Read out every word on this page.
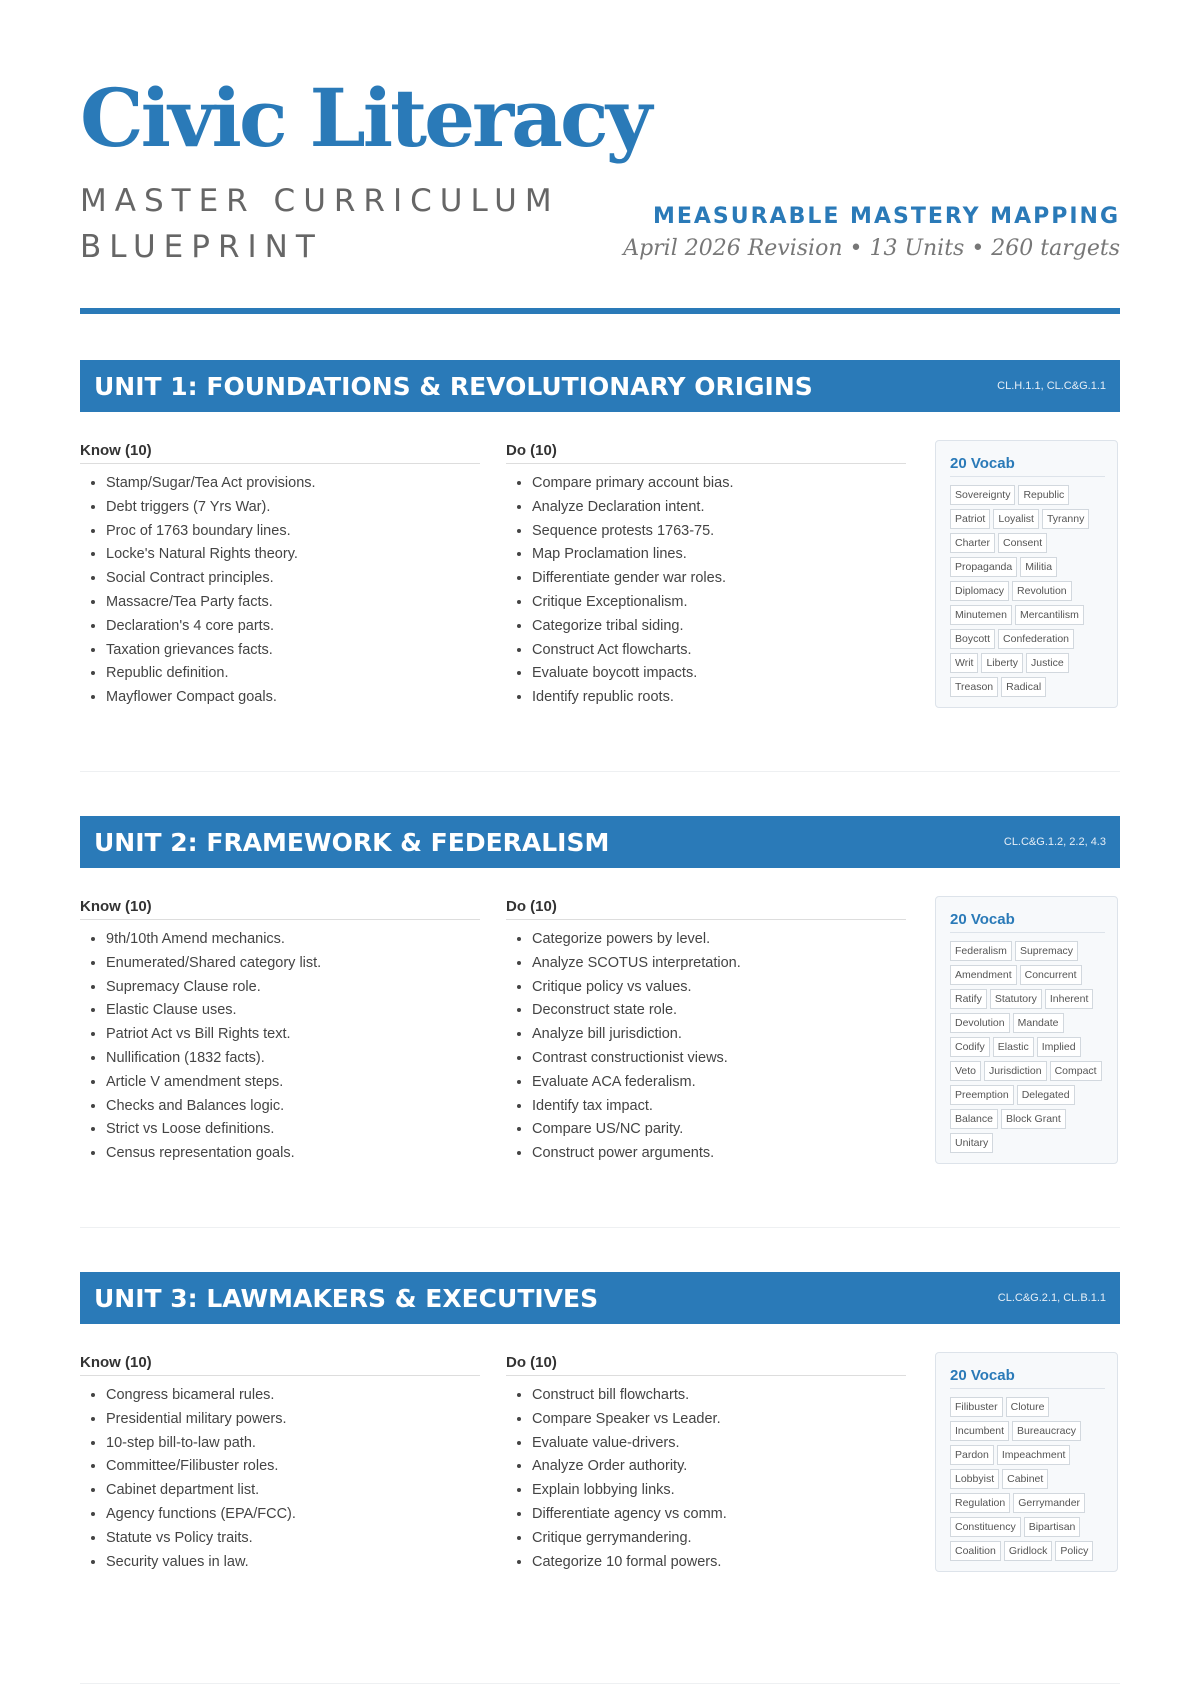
Civic Literacy
MASTER CURRICULUM BLUEPRINT
MEASURABLE MASTERY MAPPING
April 2026 Revision • 13 Units • 260 targets
UNIT 1: FOUNDATIONS & REVOLUTIONARY ORIGINS	CL.H.1.1, CL.C&G.1.1
Know (10)
• Stamp/Sugar/Tea Act provisions.
• Debt triggers (7 Yrs War).
• Proc of 1763 boundary lines.
• Locke's Natural Rights theory.
• Social Contract principles.
• Massacre/Tea Party facts.
• Declaration's 4 core parts.
• Taxation grievances facts.
• Republic definition.
• Mayflower Compact goals.
Do (10)
• Compare primary account bias.
• Analyze Declaration intent.
• Sequence protests 1763-75.
• Map Proclamation lines.
• Differentiate gender war roles.
• Critique Exceptionalism.
• Categorize tribal siding.
• Construct Act flowcharts.
• Evaluate boycott impacts.
• Identify republic roots.
20 Vocab
Sovereignty	Republic
Patriot	Loyalist	Tyranny
Charter	Consent
Propaganda	Militia
Diplomacy	Revolution
Minutemen	Mercantilism
Boycott	Confederation
Writ	Liberty	Justice
Treason	Radical
UNIT 2: FRAMEWORK & FEDERALISM	CL.C&G.1.2, 2.2, 4.3
Know (10)
• 9th/10th Amend mechanics.
• Enumerated/Shared category list.
• Supremacy Clause role.
• Elastic Clause uses.
• Patriot Act vs Bill Rights text.
• Nullification (1832 facts).
• Article V amendment steps.
• Checks and Balances logic.
• Strict vs Loose definitions.
• Census representation goals.
Do (10)
• Categorize powers by level.
• Analyze SCOTUS interpretation.
• Critique policy vs values.
• Deconstruct state role.
• Analyze bill jurisdiction.
• Contrast constructionist views.
• Evaluate ACA federalism.
• Identify tax impact.
• Compare US/NC parity.
• Construct power arguments.
20 Vocab
Federalism	Supremacy
Amendment	Concurrent
Ratify	Statutory	Inherent
Devolution	Mandate
Codify	Elastic	Implied
Veto	Jurisdiction	Compact
Preemption	Delegated
Balance	Block Grant
Unitary
UNIT 3: LAWMAKERS & EXECUTIVES	CL.C&G.2.1, CL.B.1.1
Know (10)
• Congress bicameral rules.
• Presidential military powers.
• 10-step bill-to-law path.
• Committee/Filibuster roles.
• Cabinet department list.
• Agency functions (EPA/FCC).
• Statute vs Policy traits.
• Security values in law.
Do (10)
• Construct bill flowcharts.
• Compare Speaker vs Leader.
• Evaluate value-drivers.
• Analyze Order authority.
• Explain lobbying links.
• Differentiate agency vs comm.
• Critique gerrymandering.
• Categorize 10 formal powers.
20 Vocab
Filibuster	Cloture
Incumbent	Bureaucracy
Pardon	Impeachment
Lobbyist	Cabinet
Regulation	Gerrymander
Constituency	Bipartisan
Coalition	Gridlock	Policy
